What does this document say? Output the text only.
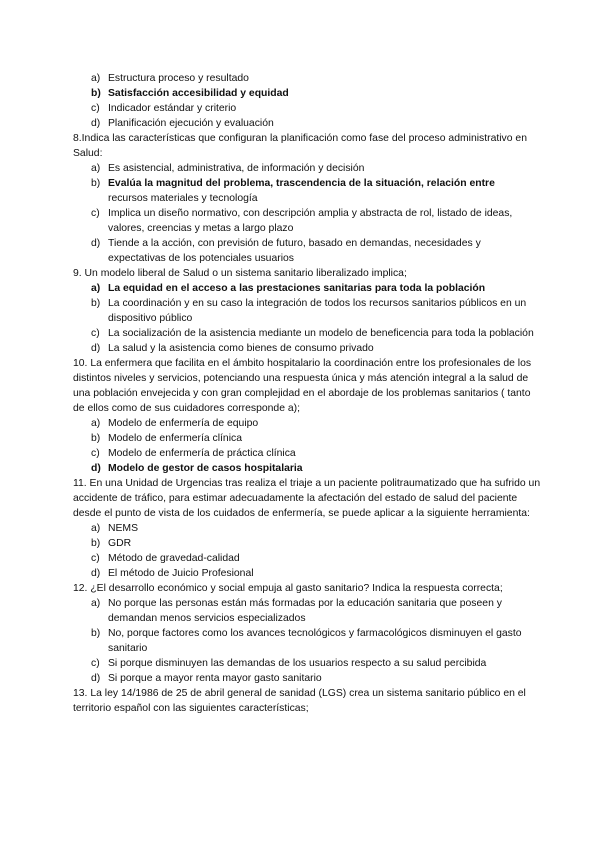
a) Estructura proceso y resultado
b) Satisfacción accesibilidad y equidad
c) Indicador estándar y criterio
d) Planificación ejecución y evaluación
8.Indica las características que configuran la planificación como fase del proceso administrativo en Salud:
a) Es asistencial, administrativa, de información y decisión
b) Evalúa la magnitud del problema, trascendencia de la situación, relación entre
recursos materiales y tecnología
c) Implica un diseño normativo, con descripción amplia y abstracta de rol, listado de ideas, valores, creencias y metas a largo plazo
d) Tiende a la acción, con previsión de futuro, basado en demandas, necesidades y expectativas de los potenciales usuarios
9. Un modelo liberal de Salud o un sistema sanitario liberalizado implica;
a) La equidad en el acceso a las prestaciones sanitarias para toda la población
b) La coordinación y en su caso la integración de todos los recursos sanitarios públicos en un dispositivo público
c) La socialización de la asistencia mediante un modelo de beneficencia para toda la población
d) La salud y la asistencia como bienes de consumo privado
10. La enfermera que facilita en el ámbito hospitalario la coordinación entre los profesionales de los distintos niveles y servicios, potenciando una respuesta única y más atención integral a la salud de una población envejecida y con gran complejidad en el abordaje de los problemas sanitarios ( tanto de ellos como de sus cuidadores corresponde a);
a) Modelo de enfermería de equipo
b) Modelo de enfermería clínica
c) Modelo de enfermería de práctica clínica
d) Modelo de gestor de casos hospitalaria
11. En una Unidad de Urgencias tras realiza el triaje a un paciente politraumatizado que ha sufrido un accidente de tráfico, para estimar adecuadamente la afectación del estado de salud del paciente desde el punto de vista de los cuidados de enfermería, se puede aplicar a la siguiente herramienta:
a) NEMS
b) GDR
c) Método de gravedad-calidad
d) El método de Juicio Profesional
12. ¿El desarrollo económico y social empuja al gasto sanitario? Indica la respuesta correcta;
a) No porque las personas están más formadas por la educación sanitaria que poseen y demandan menos servicios especializados
b) No, porque factores como los avances tecnológicos y farmacológicos disminuyen el gasto sanitario
c) Si porque disminuyen las demandas de los usuarios respecto a su salud percibida
d) Si porque a mayor renta mayor gasto sanitario
13. La ley 14/1986 de 25 de abril general de sanidad (LGS) crea un sistema sanitario público en el territorio español con las siguientes características;
